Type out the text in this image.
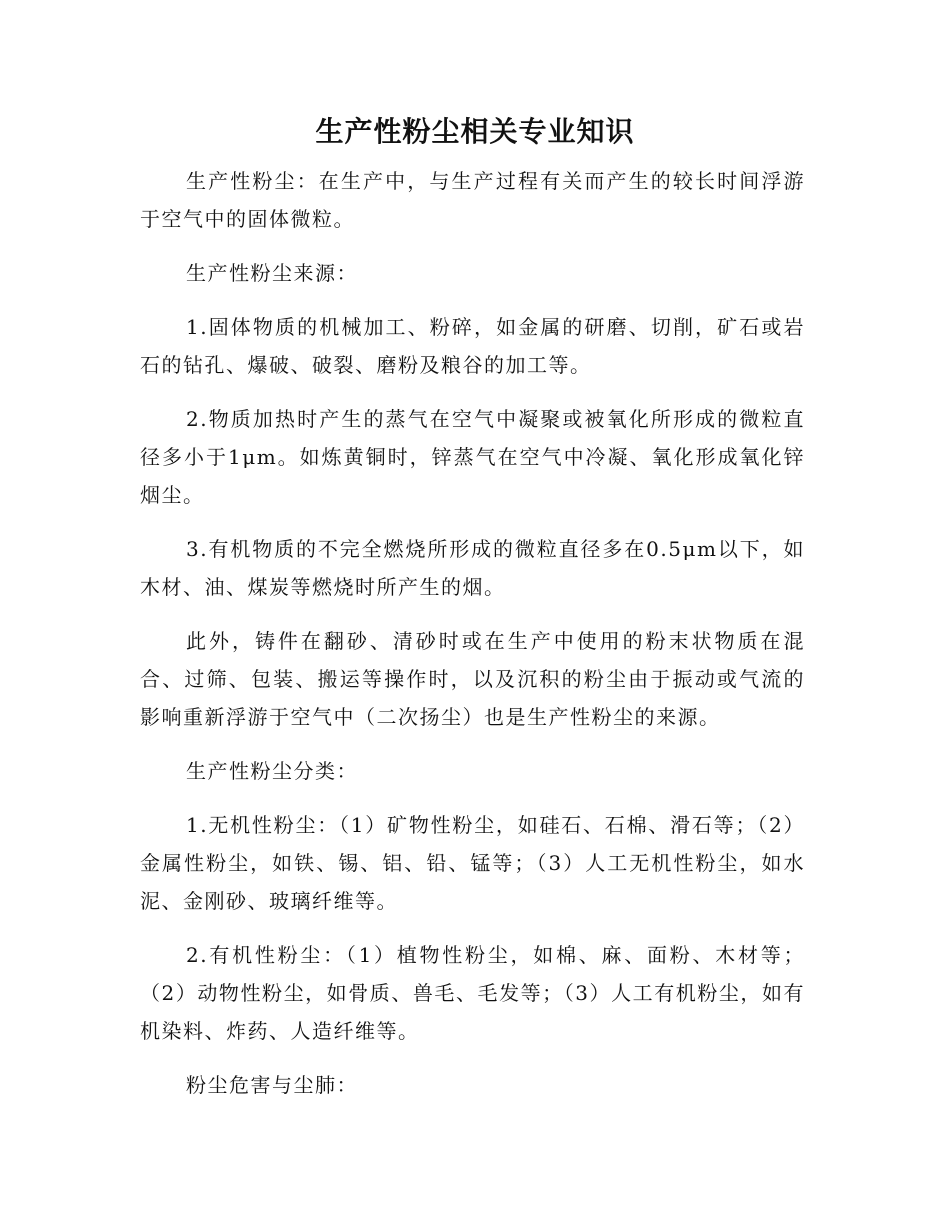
生产性粉尘相关专业知识

生产性粉尘：在生产中，与生产过程有关而产生的较长时间浮游于空气中的固体微粒。

生产性粉尘来源：

1.固体物质的机械加工、粉碎，如金属的研磨、切削，矿石或岩石的钻孔、爆破、破裂、磨粉及粮谷的加工等。

2.物质加热时产生的蒸气在空气中凝聚或被氧化所形成的微粒直径多小于1μm。如炼黄铜时，锌蒸气在空气中冷凝、氧化形成氧化锌烟尘。

3.有机物质的不完全燃烧所形成的微粒直径多在0.5μm以下，如木材、油、煤炭等燃烧时所产生的烟。

此外，铸件在翻砂、清砂时或在生产中使用的粉末状物质在混合、过筛、包装、搬运等操作时，以及沉积的粉尘由于振动或气流的影响重新浮游于空气中（二次扬尘）也是生产性粉尘的来源。

生产性粉尘分类：

1.无机性粉尘：（1）矿物性粉尘，如硅石、石棉、滑石等；（2）金属性粉尘，如铁、锡、铝、铅、锰等；（3）人工无机性粉尘，如水泥、金刚砂、玻璃纤维等。

2.有机性粉尘：（1）植物性粉尘，如棉、麻、面粉、木材等；（2）动物性粉尘，如骨质、兽毛、毛发等；（3）人工有机粉尘，如有机染料、炸药、人造纤维等。

粉尘危害与尘肺：
